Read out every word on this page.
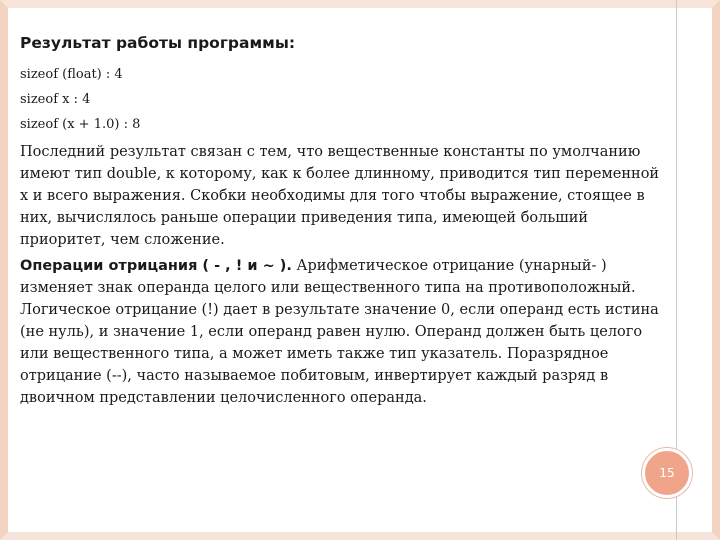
Результат работы программы:

sizeof (float) : 4

sizeof x : 4

sizeof (x + 1.0) : 8

Последний результат связан с тем, что вещественные константы по умолчанию имеют тип double, к которому, как к более длинному, приводится тип переменной x и всего выражения. Скобки необходимы для того чтобы выражение, стоящее в них, вычислялось раньше операции приведения типа, имеющей больший приоритет, чем сложение.

Операции отрицания ( - , ! и ~ ). Арифметическое отрицание (унарный- ) изменяет знак операнда целого или вещественного типа на противоположный. Логическое отрицание (!) дает в результате значение 0, если операнд есть истина (не нуль), и значение 1, если операнд равен нулю. Операнд должен быть целого или вещественного типа, а может иметь также тип указатель. Поразрядное отрицание (--), часто называемое побитовым, инвертирует каждый разряд в двоичном представлении целочисленного операнда.

15
